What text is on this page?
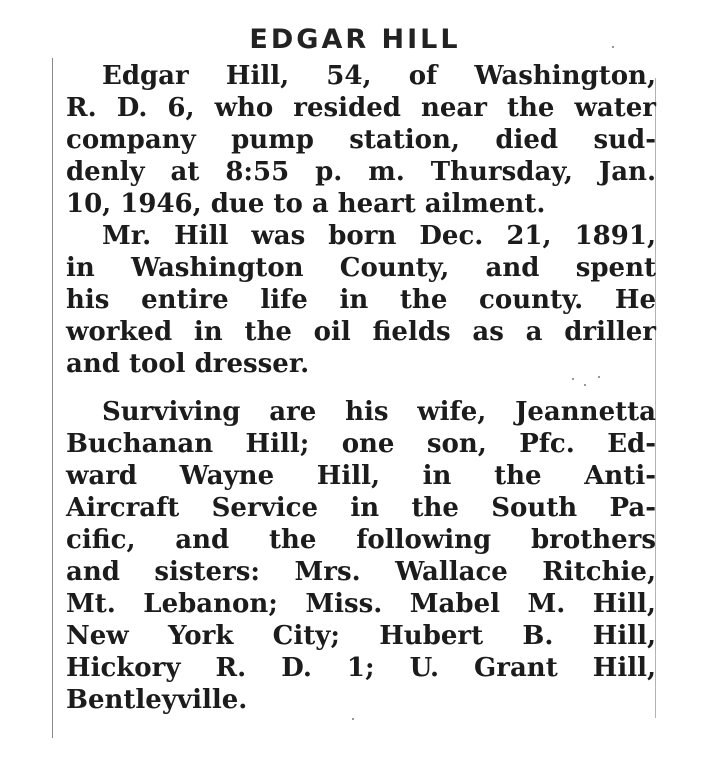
EDGAR HILL
Edgar Hill, 54, of Washington,
R. D. 6, who resided near the water
company pump station, died sud-
denly at 8:55 p. m. Thursday, Jan.
10, 1946, due to a heart ailment.
Mr. Hill was born Dec. 21, 1891,
in Washington County, and spent
his entire life in the county. He
worked in the oil fields as a driller
and tool dresser.
Surviving are his wife, Jeannetta
Buchanan Hill; one son, Pfc. Ed-
ward Wayne Hill, in the Anti-
Aircraft Service in the South Pa-
cific, and the following brothers
and sisters: Mrs. Wallace Ritchie,
Mt. Lebanon; Miss. Mabel M. Hill,
New York City; Hubert B. Hill,
Hickory R. D. 1; U. Grant Hill,
Bentleyville.
